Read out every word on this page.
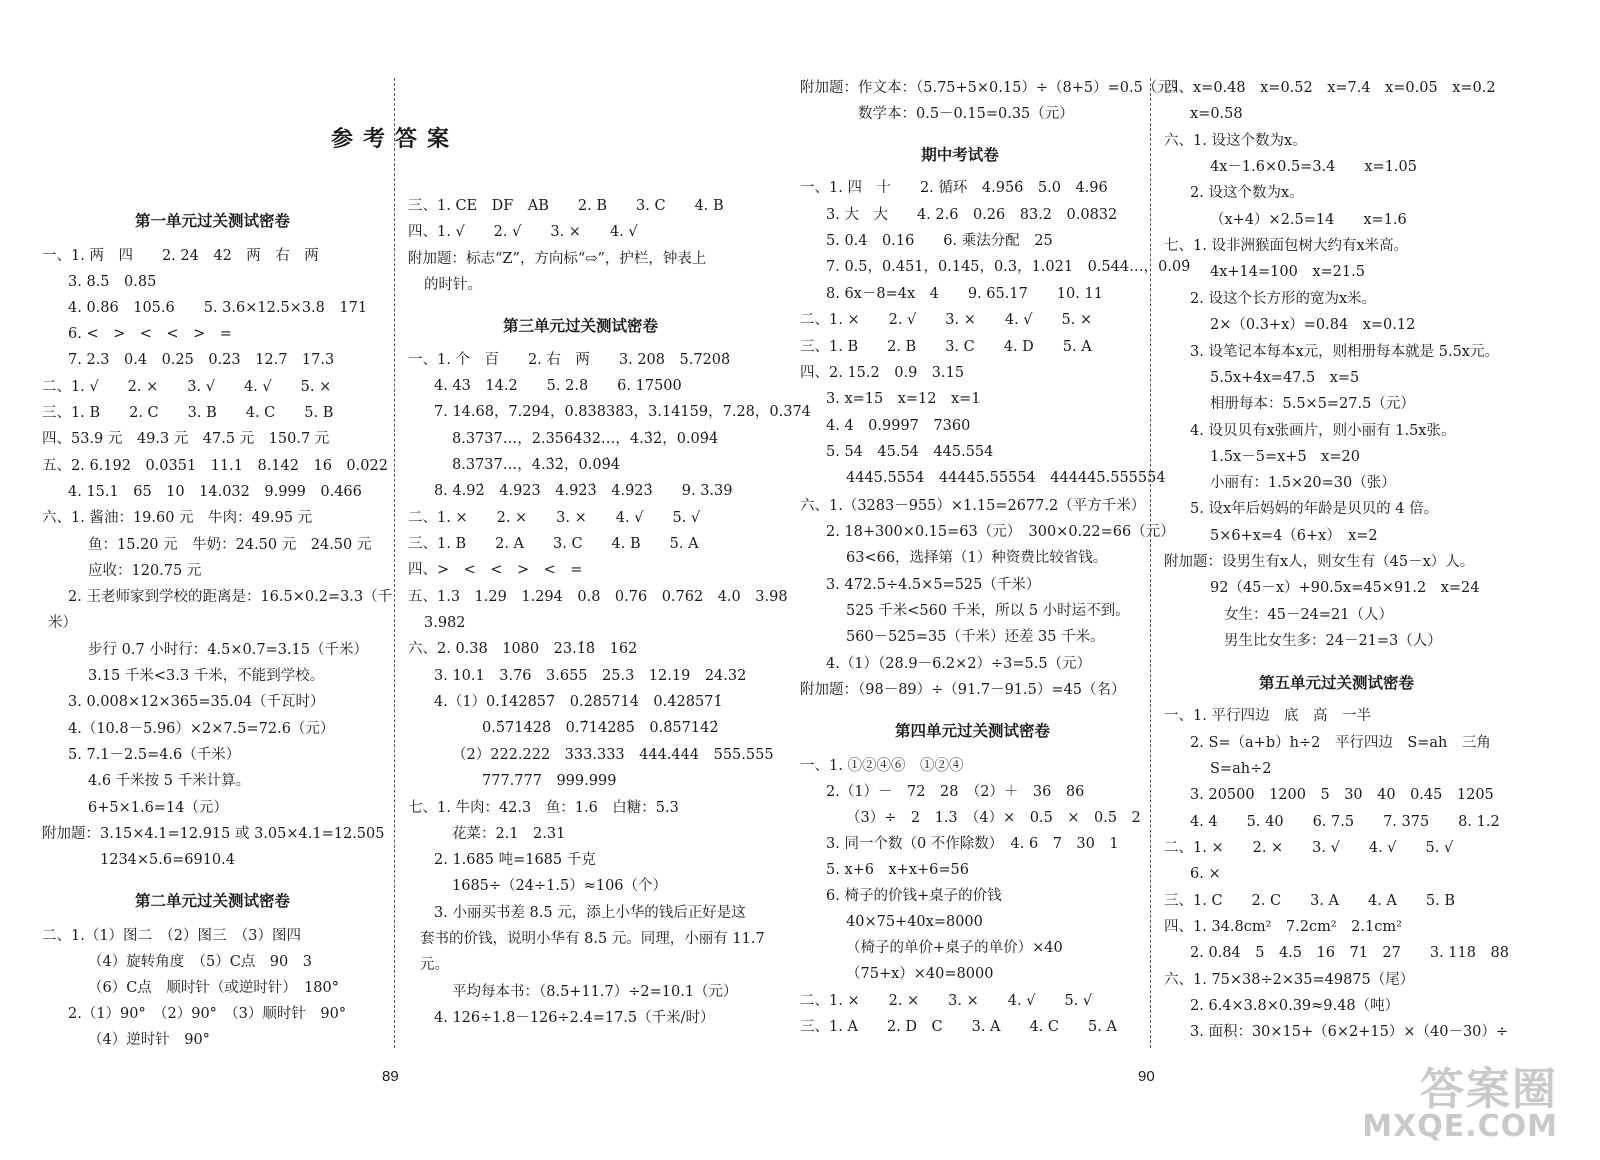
参考答案
第一单元过关测试密卷
一、1. 两　四　　2. 24　42　两　右　两
3. 8.5　0.85
4. 0.86　105.6　　5. 3.6×12.5×3.8　171
6. <　>　<　<　>　=
7. 2.3　0.4　0.25　0.23　12.7　17.3
二、1. √　　2. ×　　3. √　　4. √　　5. ×
三、1. B　　2. C　　3. B　　4. C　　5. B
四、53.9 元　49.3 元　47.5 元　150.7 元
五、2. 6.192　0.0351　11.1　8.142　16　0.022
4. 15.1　65　10　14.032　9.999　0.466
六、1. 酱油：19.60 元　牛肉：49.95 元
鱼：15.20 元　牛奶：24.50 元　24.50 元
应收：120.75 元
2. 王老师家到学校的距离是：16.5×0.2=3.3（千
米）
步行 0.7 小时行：4.5×0.7=3.15（千米）
3.15 千米<3.3 千米，不能到学校。
3. 0.008×12×365=35.04（千瓦时）
4.（10.8－5.96）×2×7.5=72.6（元）
5. 7.1－2.5=4.6（千米）
4.6 千米按 5 千米计算。
6+5×1.6=14（元）
附加题：3.15×4.1=12.915 或 3.05×4.1=12.505
1234×5.6=6910.4
第二单元过关测试密卷
二、1.（1）图二　（2）图三　（3）图四
（4）旋转角度　（5）C点　90　3
（6）C点　顺时针（或逆时针）　180°
2.（1）90°　（2）90°　（3）顺时针　90°
（4）逆时针　90°
三、1. CE　DF　AB　　2. B　　3. C　　4. B
四、1. √　　2. √　　3. ×　　4. √
附加题：标志“Z”，方向标“⇨”，护栏，钟表上
的时针。
第三单元过关测试密卷
一、1. 个　百　　2. 右　两　　3. 208　5.7208̇
4. 43　14.2　　5. 2.8　　6. 17500
7. 14.68，7.294，0.838383，3.14159，7.28，0.374
8.3737…，2.356432…，4.3̇2̇，0.09̇4̇
8.3737…，4.3̇2̇，0.09̇4̇
8. 4.92̇　4.923　4.92̇3̇　4.9̇23̇　　9. 3.39
二、1. ×　　2. ×　　3. ×　　4. √　　5. √
三、1. B　　2. A　　3. C　　4. B　　5. A
四、>　<　<　>　<　=
五、1.3　1.29　1.294　0.8　0.76　0.762　4.0　3.98
3.982
六、2. 0.38　1080　23.1̇8̇　162
3. 10.1　3.76　3.655　25.3　12.19　24.32
4.（1）0.1̇42857̇　0.2̇85714̇　0.4̇28571̇
0.5̇71428̇　0.7̇14285̇　0.8̇57142̇
（2）222.222　333.333　444.444　555.555
777.777　999.999
七、1. 牛肉：42.3　鱼：1.6　白糖：5.3
花菜：2.1　2.31
2. 1.685 吨=1685 千克
1685÷（24÷1.5）≈106（个）
3. 小丽买书差 8.5 元，添上小华的钱后正好是这
套书的价钱，说明小华有 8.5 元。同理，小丽有 11.7
元。
平均每本书：（8.5+11.7）÷2=10.1（元）
4. 126÷1.8－126÷2.4=17.5（千米/时）
89
附加题：作文本：（5.75+5×0.15）÷（8+5）=0.5（元）
数学本：0.5－0.15=0.35（元）
期中考试卷
一、1. 四　十　　2. 循环　4.95̇6̇　5.0　4.96
3. 大　大　　4. 2.6　0.26　83.2　0.0832
5. 0.4　0.16　　6. 乘法分配　25
7. 0.5，0.451，0.145，0.3，1.021　0.544…，0.09̇
8. 6x－8=4x　4　　9. 65.17　　10. 11
二、1. ×　　2. √　　3. ×　　4. √　　5. ×
三、1. B　　2. B　　3. C　　4. D　　5. A
四、2. 15.2　0.9　3.15
3. x=15　x=12　x=1
4. 4　0.9997　7360
5. 54　45.54　445.554
4445.5554　44445.55554　444445.555554
六、1.（3283－955）×1.15=2677.2（平方千米）
2. 18+300×0.15=63（元）　300×0.22=66（元）
63<66，选择第（1）种资费比较省钱。
3. 472.5÷4.5×5=525（千米）
525 千米<560 千米，所以 5 小时运不到。
560－525=35（千米）还差 35 千米。
4.（1）（28.9－6.2×2）÷3=5.5（元）
附加题：（98－89）÷（91.7－91.5）=45（名）
第四单元过关测试密卷
一、1. ①②④⑥　①②④
2.（1）－　72　28　（2）＋　36　86
（3）÷　2　1.3　（4）×　0.5　×　0.5　2
3. 同一个数（0 不作除数）　4. 6　7　30　1
5. x+6　x+x+6=56
6. 椅子的价钱+桌子的价钱
40×75+40x=8000
（椅子的单价+桌子的单价）×40
（75+x）×40=8000
二、1. ×　　2. ×　　3. ×　　4. √　　5. √
三、1. A　　2. D　C　　3. A　　4. C　　5. A
四、x=0.48　x=0.52　x=7.4　x=0.05　x=0.2
x=0.58
六、1. 设这个数为x。
4x－1.6×0.5=3.4　　x=1.05
2. 设这个数为x。
（x+4）×2.5=14　　x=1.6
七、1. 设非洲猴面包树大约有x米高。
4x+14=100　x=21.5
2. 设这个长方形的宽为x米。
2×（0.3+x）=0.84　x=0.12
3. 设笔记本每本x元，则相册每本就是 5.5x元。
5.5x+4x=47.5　x=5
相册每本：5.5×5=27.5（元）
4. 设贝贝有x张画片，则小丽有 1.5x张。
1.5x－5=x+5　x=20
小丽有：1.5×20=30（张）
5. 设x年后妈妈的年龄是贝贝的 4 倍。
5×6+x=4（6+x）　x=2
附加题：设男生有x人，则女生有（45－x）人。
92（45－x）+90.5x=45×91.2　x=24
女生：45－24=21（人）
男生比女生多：24－21=3（人）
第五单元过关测试密卷
一、1. 平行四边　底　高　一半
2. S=（a+b）h÷2　平行四边　S=ah　三角
S=ah÷2
3. 20500　1200　5　30　40　0.45　1205
4. 4　　5. 40　　6. 7.5　　7. 375　　8. 1.2
二、1. ×　　2. ×　　3. √　　4. √　　5. √
6. ×
三、1. C　　2. C　　3. A　　4. A　　5. B
四、1. 34.8cm²　7.2cm²　2.1cm²
2. 0.84　5　4.5　16　71　27　　3. 118　88
六、1. 75×38÷2×35=49875（尾）
2. 6.4×3.8×0.39≈9.48（吨）
3. 面积：30×15+（6×2+15）×（40－30）÷
90	答案圈
MXQE.COM
